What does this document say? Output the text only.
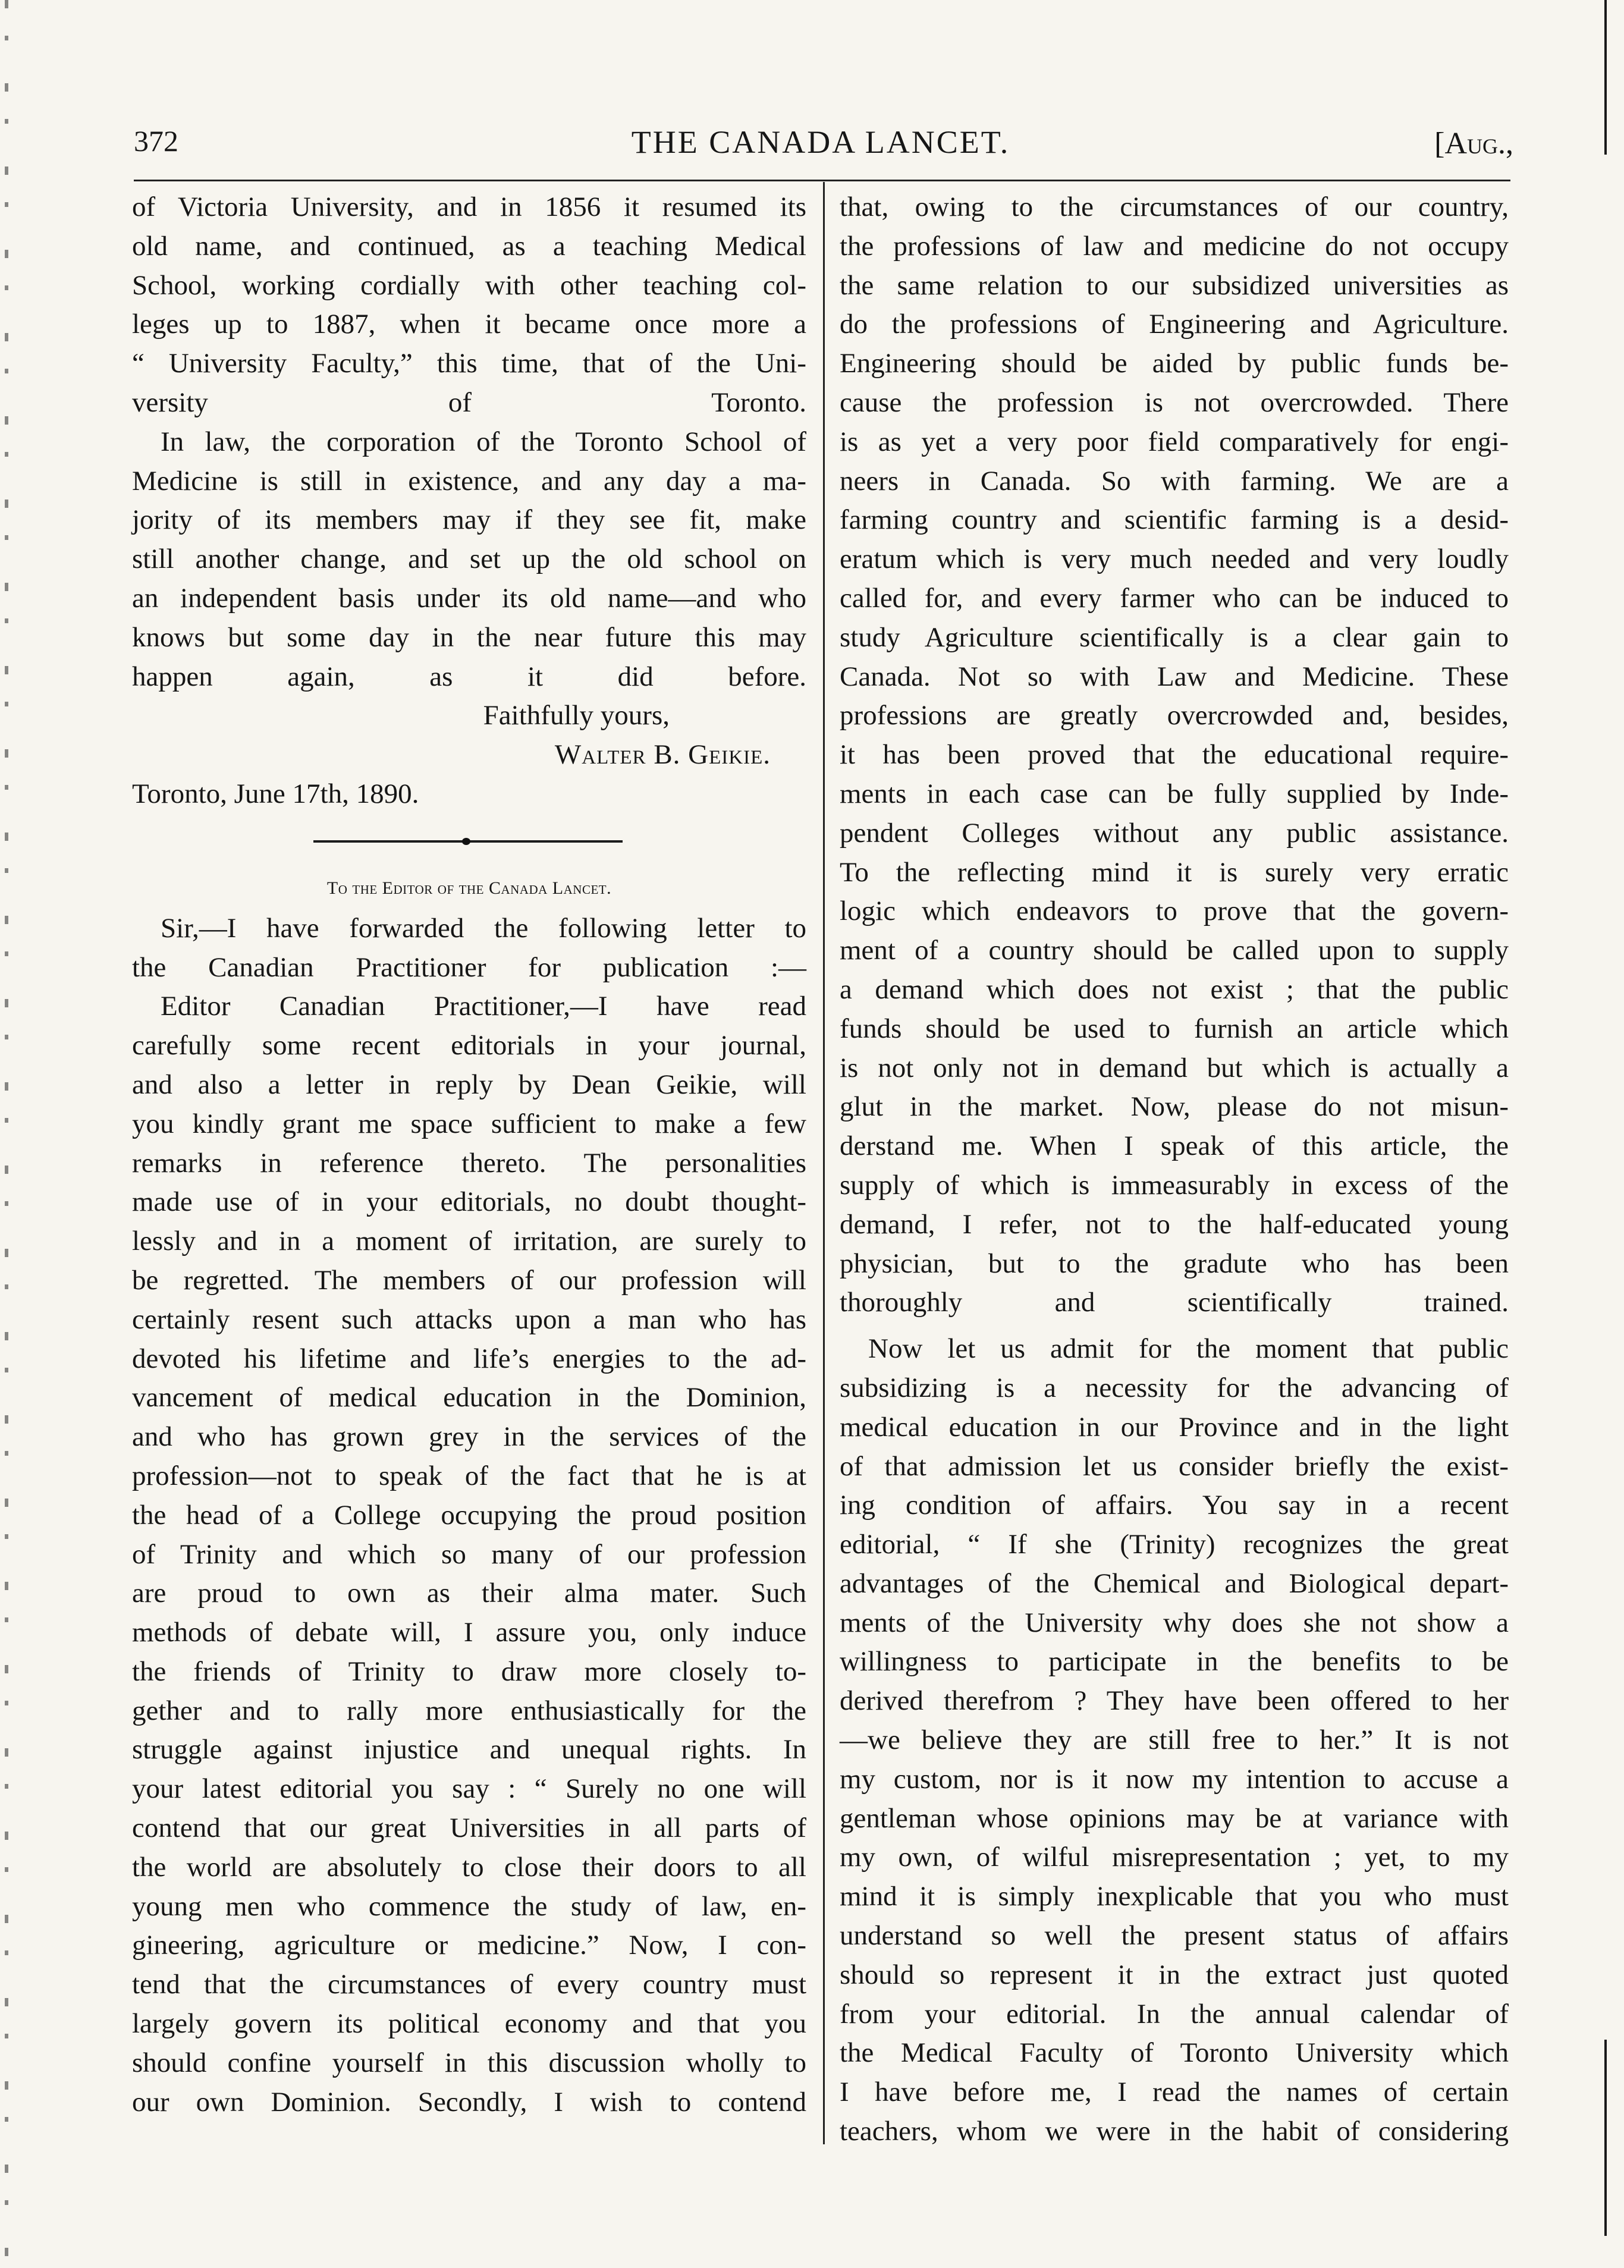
372	THE CANADA LANCET.	[Aug.,

of Victoria University, and in 1856 it resumed its
old name, and continued, as a teaching Medical
School, working cordially with other teaching col-
leges up to 1887, when it became once more a
“ University Faculty,” this time, that of the Uni-
versity of Toronto.

In law, the corporation of the Toronto School of
Medicine is still in existence, and any day a ma-
jority of its members may if they see fit, make
still another change, and set up the old school on
an independent basis under its old name—and who
knows but some day in the near future this may
happen again, as it did before.

Faithfully yours,

Walter B. Geikie.

Toronto, June 17th, 1890.

To the Editor of the Canada Lancet.

Sir,—I have forwarded the following letter to
the Canadian Practitioner for publication :—

Editor Canadian Practitioner,—I have read
carefully some recent editorials in your journal,
and also a letter in reply by Dean Geikie, will
you kindly grant me space sufficient to make a few
remarks in reference thereto. The personalities
made use of in your editorials, no doubt thought-
lessly and in a moment of irritation, are surely to
be regretted. The members of our profession will
certainly resent such attacks upon a man who has
devoted his lifetime and life’s energies to the ad-
vancement of medical education in the Dominion,
and who has grown grey in the services of the
profession—not to speak of the fact that he is at
the head of a College occupying the proud position
of Trinity and which so many of our profession
are proud to own as their alma mater. Such
methods of debate will, I assure you, only induce
the friends of Trinity to draw more closely to-
gether and to rally more enthusiastically for the
struggle against injustice and unequal rights. In
your latest editorial you say : “ Surely no one will
contend that our great Universities in all parts of
the world are absolutely to close their doors to all
young men who commence the study of law, en-
gineering, agriculture or medicine.” Now, I con-
tend that the circumstances of every country must
largely govern its political economy and that you
should confine yourself in this discussion wholly to
our own Dominion. Secondly, I wish to contend

that, owing to the circumstances of our country,
the professions of law and medicine do not occupy
the same relation to our subsidized universities as
do the professions of Engineering and Agriculture.
Engineering should be aided by public funds be-
cause the profession is not overcrowded. There
is as yet a very poor field comparatively for engi-
neers in Canada. So with farming. We are a
farming country and scientific farming is a desid-
eratum which is very much needed and very loudly
called for, and every farmer who can be induced to
study Agriculture scientifically is a clear gain to
Canada. Not so with Law and Medicine. These
professions are greatly overcrowded and, besides,
it has been proved that the educational require-
ments in each case can be fully supplied by Inde-
pendent Colleges without any public assistance.
To the reflecting mind it is surely very erratic
logic which endeavors to prove that the govern-
ment of a country should be called upon to supply
a demand which does not exist ; that the public
funds should be used to furnish an article which
is not only not in demand but which is actually a
glut in the market. Now, please do not misun-
derstand me. When I speak of this article, the
supply of which is immeasurably in excess of the
demand, I refer, not to the half-educated young
physician, but to the gradute who has been
thoroughly and scientifically trained.

Now let us admit for the moment that public
subsidizing is a necessity for the advancing of
medical education in our Province and in the light
of that admission let us consider briefly the exist-
ing condition of affairs. You say in a recent
editorial, “ If she (Trinity) recognizes the great
advantages of the Chemical and Biological depart-
ments of the University why does she not show a
willingness to participate in the benefits to be
derived therefrom ? They have been offered to her
—we believe they are still free to her.” It is not
my custom, nor is it now my intention to accuse a
gentleman whose opinions may be at variance with
my own, of wilful misrepresentation ; yet, to my
mind it is simply inexplicable that you who must
understand so well the present status of affairs
should so represent it in the extract just quoted
from your editorial. In the annual calendar of
the Medical Faculty of Toronto University which
I have before me, I read the names of certain
teachers, whom we were in the habit of considering
